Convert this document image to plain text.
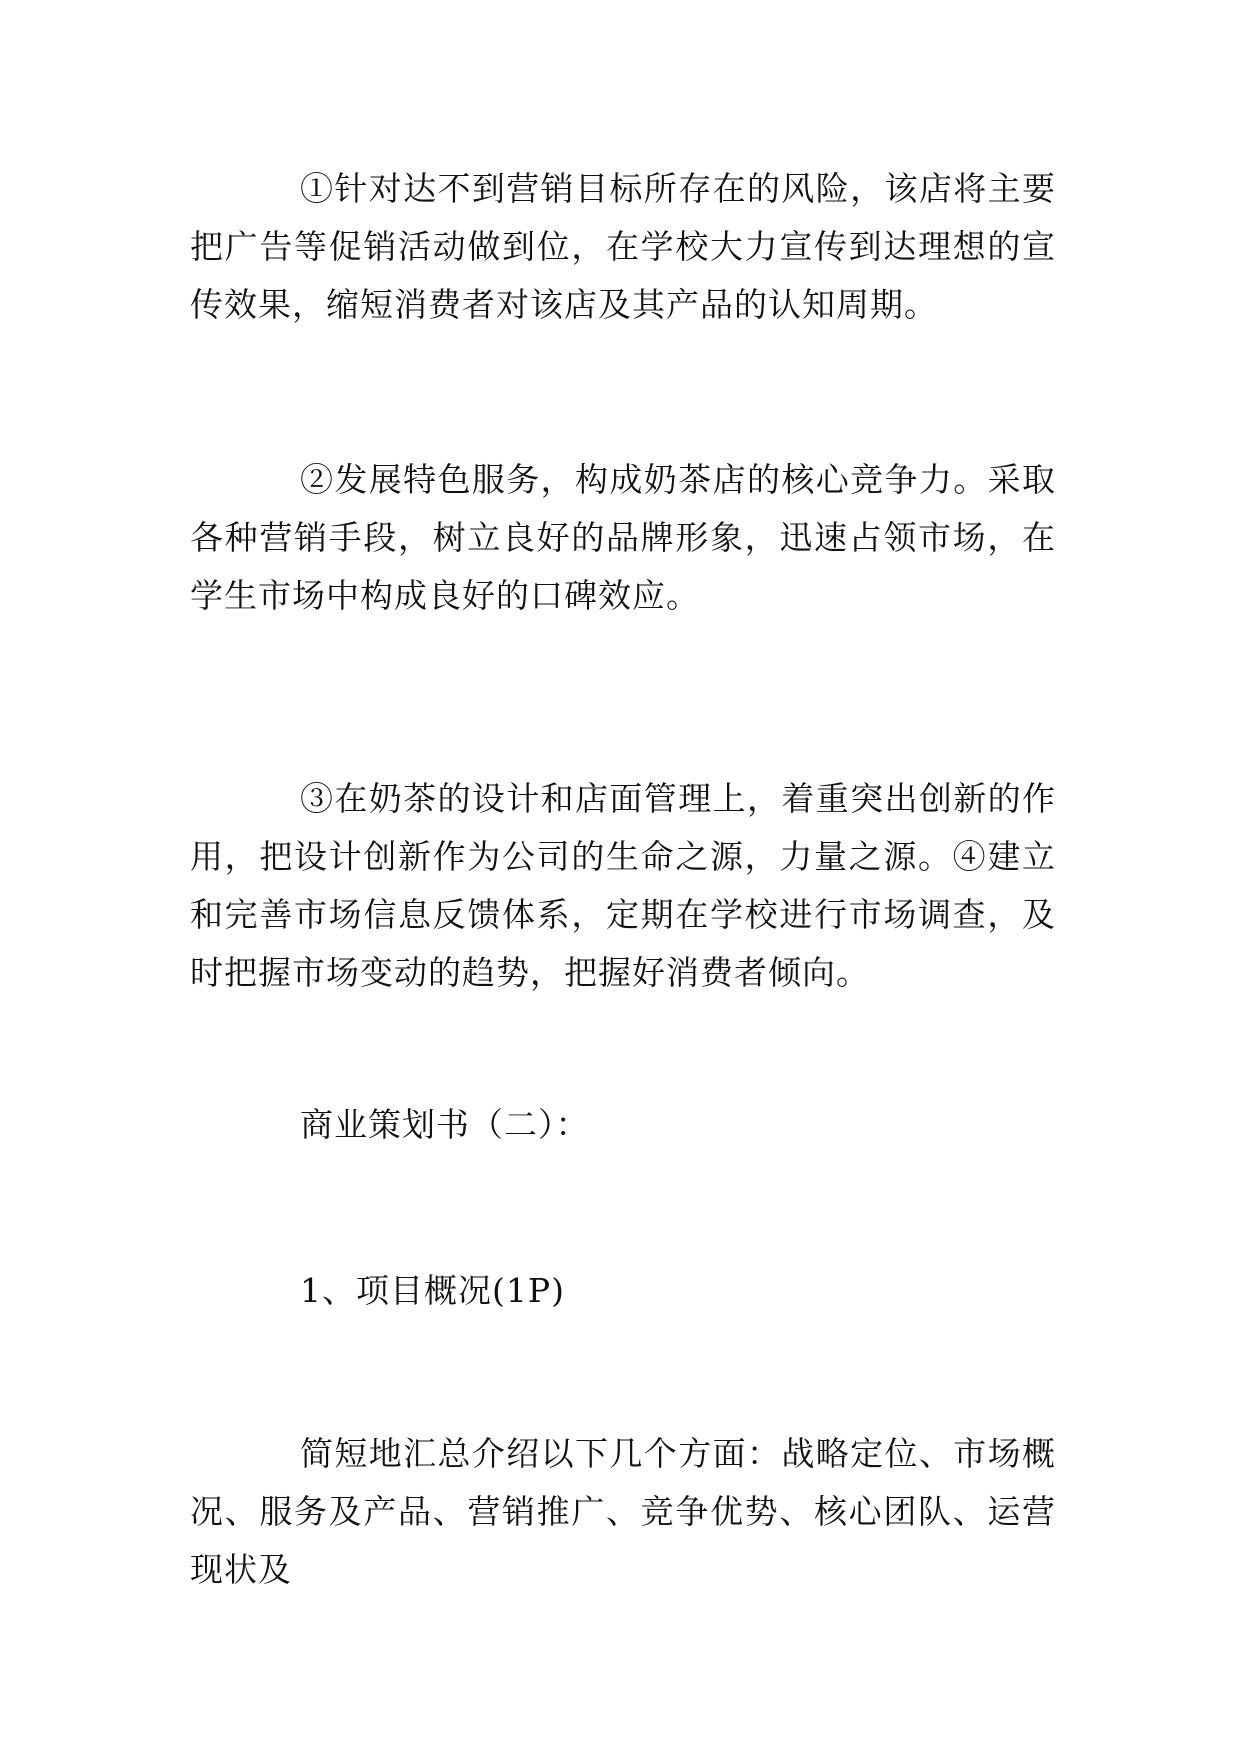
①针对达不到营销目标所存在的风险，该店将主要把广告等促销活动做到位，在学校大力宣传到达理想的宣传效果，缩短消费者对该店及其产品的认知周期。

②发展特色服务，构成奶茶店的核心竞争力。采取各种营销手段，树立良好的品牌形象，迅速占领市场，在学生市场中构成良好的口碑效应。

③在奶茶的设计和店面管理上，着重突出创新的作用，把设计创新作为公司的生命之源，力量之源。④建立和完善市场信息反馈体系，定期在学校进行市场调查，及时把握市场变动的趋势，把握好消费者倾向。

商业策划书（二）：

1、项目概况(1P)

简短地汇总介绍以下几个方面：战略定位、市场概况、服务及产品、营销推广、竞争优势、核心团队、运营现状及
